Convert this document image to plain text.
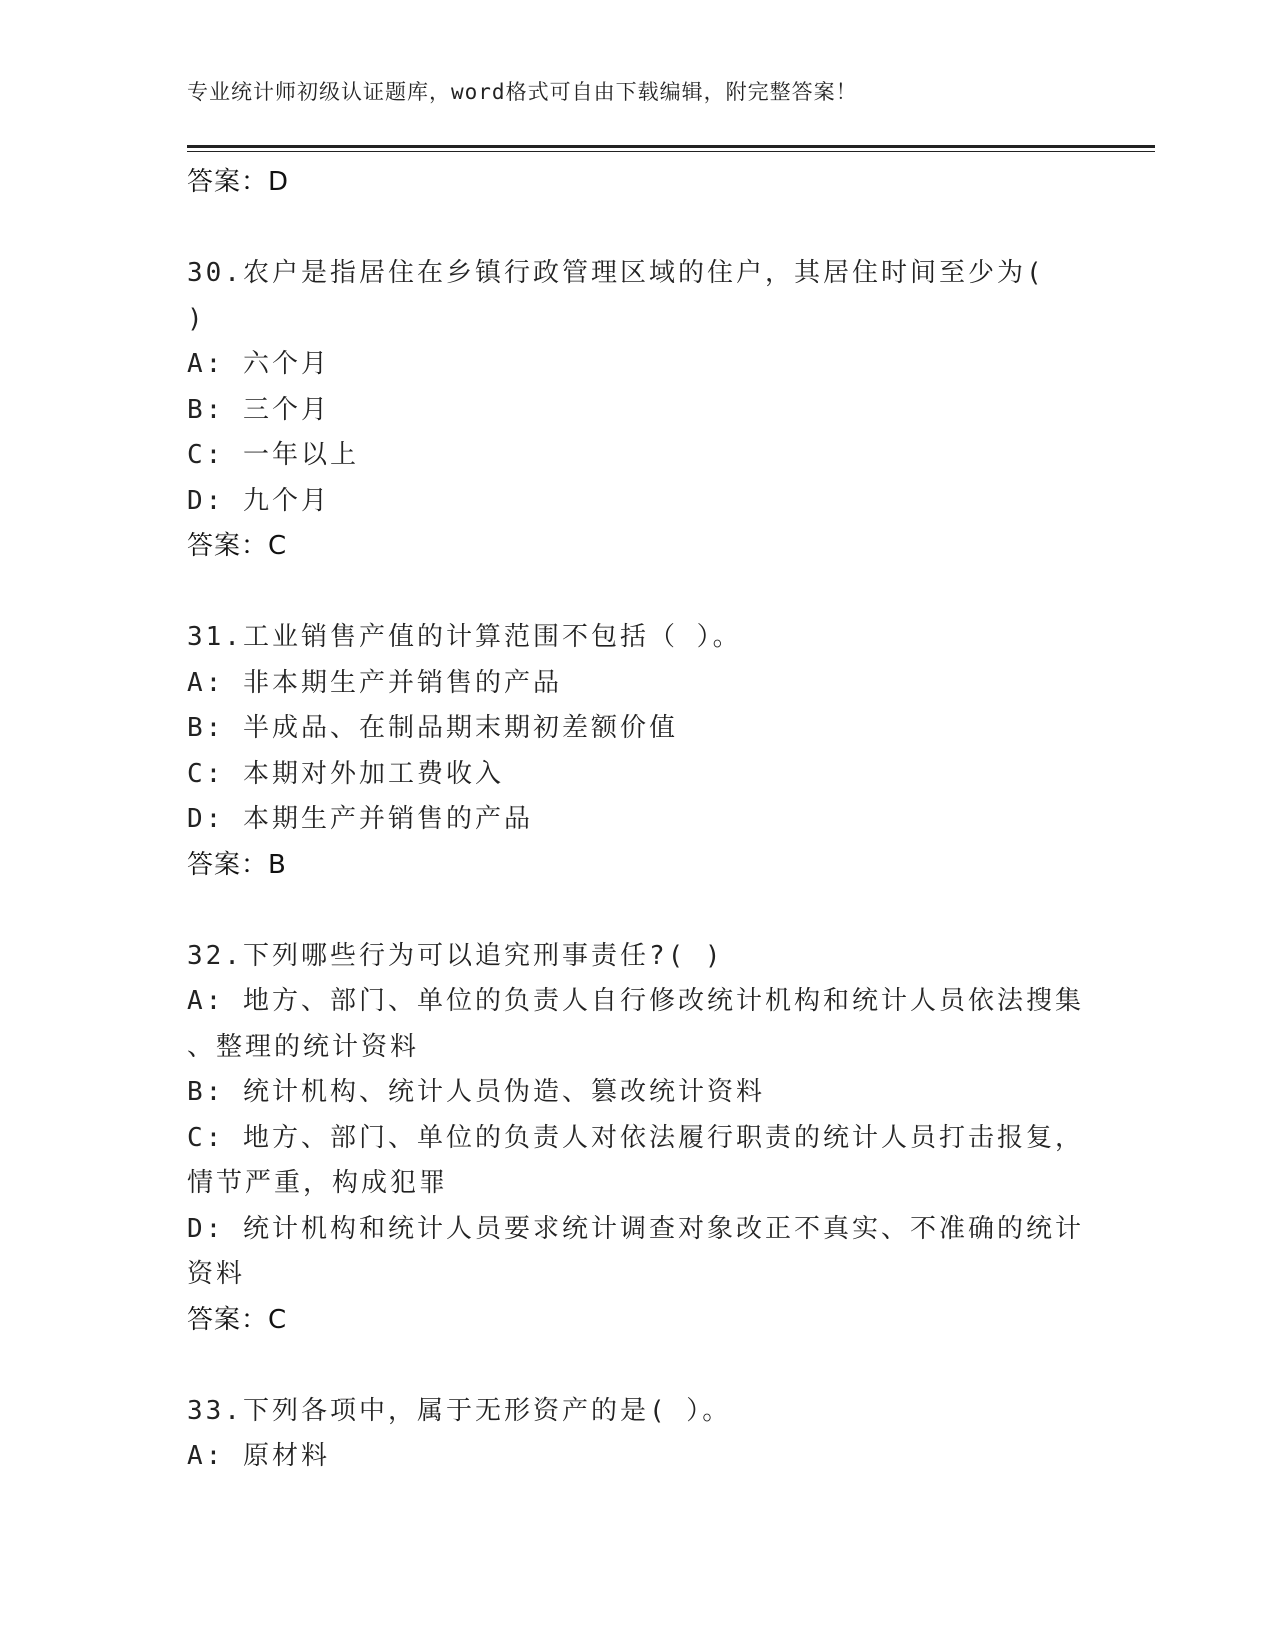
专业统计师初级认证题库，word格式可自由下载编辑，附完整答案！
答案：D
30.农户是指居住在乡镇行政管理区域的住户，其居住时间至少为(
)
A: 六个月
B: 三个月
C: 一年以上
D: 九个月
答案：C
31.工业销售产值的计算范围不包括（ ）。
A: 非本期生产并销售的产品
B: 半成品、在制品期末期初差额价值
C: 本期对外加工费收入
D: 本期生产并销售的产品
答案：B
32.下列哪些行为可以追究刑事责任?( )
A: 地方、部门、单位的负责人自行修改统计机构和统计人员依法搜集
、整理的统计资料
B: 统计机构、统计人员伪造、篡改统计资料
C: 地方、部门、单位的负责人对依法履行职责的统计人员打击报复，
情节严重，构成犯罪
D: 统计机构和统计人员要求统计调查对象改正不真实、不准确的统计
资料
答案：C
33.下列各项中，属于无形资产的是( ）。
A: 原材料
